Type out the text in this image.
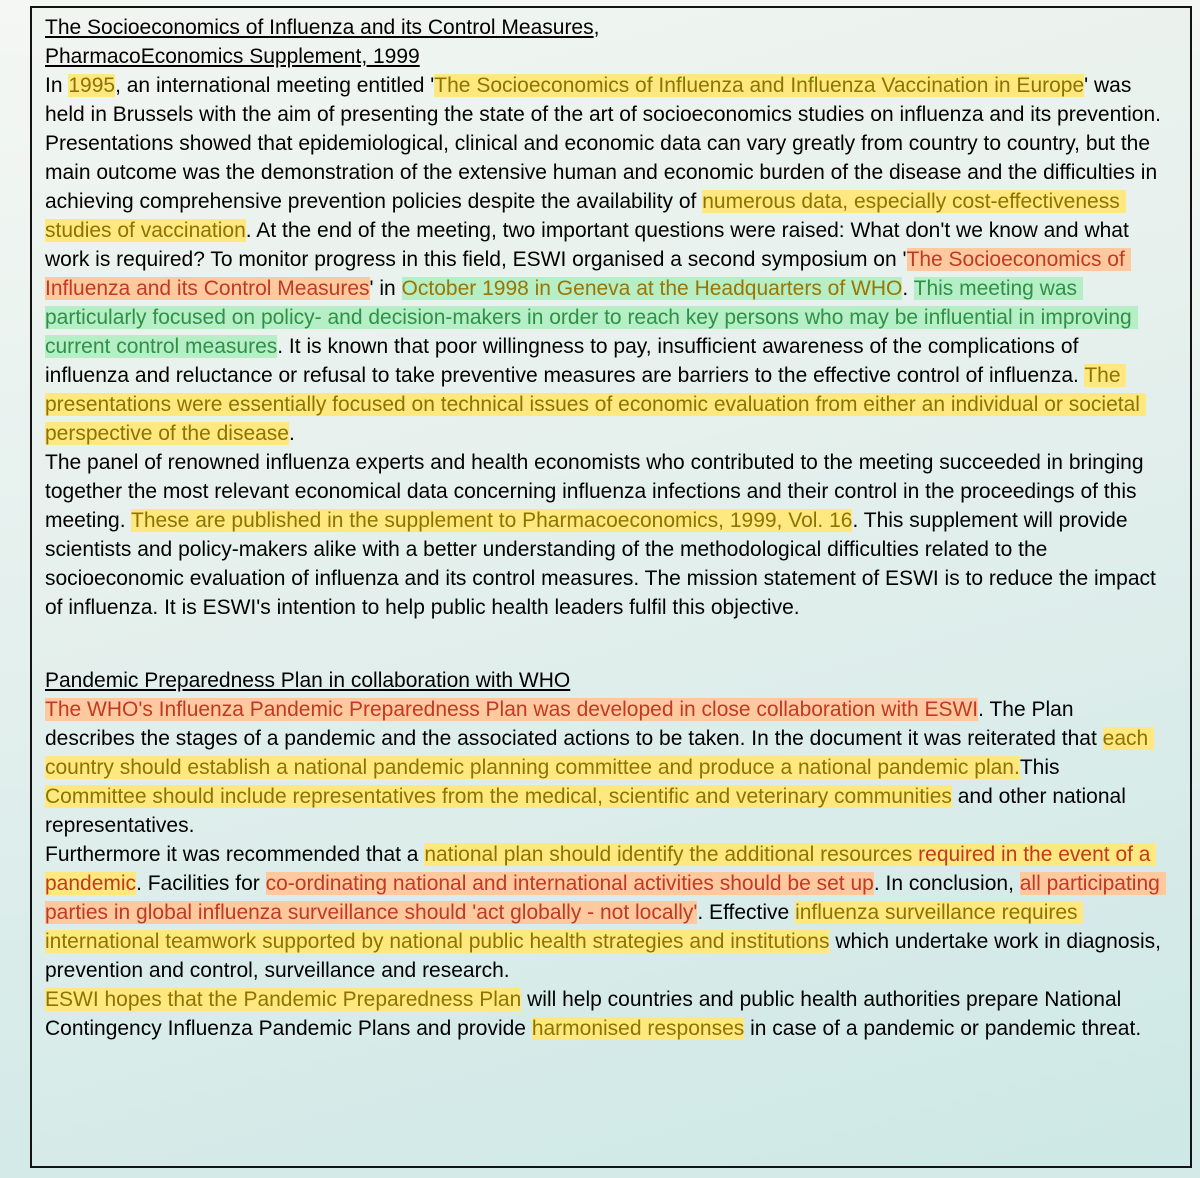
The Socioeconomics of Influenza and its Control Measures,

PharmacoEconomics Supplement, 1999

In 1995, an international meeting entitled 'The Socioeconomics of Influenza and Influenza Vaccination in Europe' was held in Brussels with the aim of presenting the state of the art of socioeconomics studies on influenza and its prevention. Presentations showed that epidemiological, clinical and economic data can vary greatly from country to country, but the main outcome was the demonstration of the extensive human and economic burden of the disease and the difficulties in achieving comprehensive prevention policies despite the availability of numerous data, especially cost-effectiveness studies of vaccination. At the end of the meeting, two important questions were raised: What don't we know and what work is required? To monitor progress in this field, ESWI organised a second symposium on 'The Socioeconomics of Influenza and its Control Measures' in October 1998 in Geneva at the Headquarters of WHO. This meeting was particularly focused on policy- and decision-makers in order to reach key persons who may be influential in improving current control measures. It is known that poor willingness to pay, insufficient awareness of the complications of influenza and reluctance or refusal to take preventive measures are barriers to the effective control of influenza. The presentations were essentially focused on technical issues of economic evaluation from either an individual or societal perspective of the disease.

The panel of renowned influenza experts and health economists who contributed to the meeting succeeded in bringing together the most relevant economical data concerning influenza infections and their control in the proceedings of this meeting. These are published in the supplement to Pharmacoeconomics, 1999, Vol. 16. This supplement will provide scientists and policy-makers alike with a better understanding of the methodological difficulties related to the socioeconomic evaluation of influenza and its control measures. The mission statement of ESWI is to reduce the impact of influenza. It is ESWI's intention to help public health leaders fulfil this objective.

Pandemic Preparedness Plan in collaboration with WHO

The WHO's Influenza Pandemic Preparedness Plan was developed in close collaboration with ESWI. The Plan describes the stages of a pandemic and the associated actions to be taken. In the document it was reiterated that each country should establish a national pandemic planning committee and produce a national pandemic plan.This Committee should include representatives from the medical, scientific and veterinary communities and other national representatives.

Furthermore it was recommended that a national plan should identify the additional resources required in the event of a pandemic. Facilities for co-ordinating national and international activities should be set up. In conclusion, all participating parties in global influenza surveillance should 'act globally - not locally'. Effective influenza surveillance requires international teamwork supported by national public health strategies and institutions which undertake work in diagnosis, prevention and control, surveillance and research.

ESWI hopes that the Pandemic Preparedness Plan will help countries and public health authorities prepare National Contingency Influenza Pandemic Plans and provide harmonised responses in case of a pandemic or pandemic threat.
